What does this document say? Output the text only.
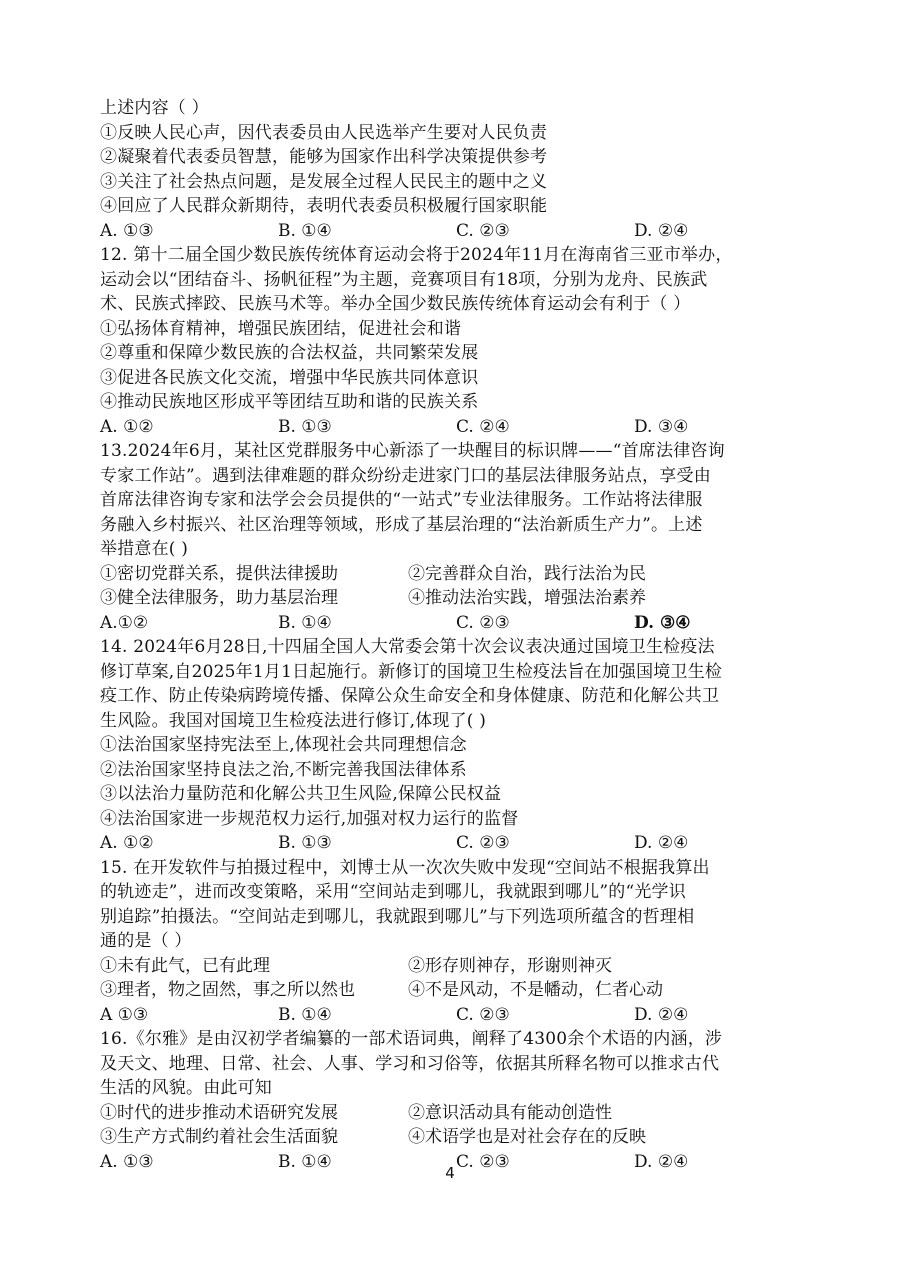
上述内容（ ）
①反映人民心声，因代表委员由人民选举产生要对人民负责
②凝聚着代表委员智慧，能够为国家作出科学决策提供参考
③关注了社会热点问题，是发展全过程人民民主的题中之义
④回应了人民群众新期待，表明代表委员积极履行国家职能
A. ①③	B. ①④	C. ②③	D. ②④
12. 第十二届全国少数民族传统体育运动会将于2024年11月在海南省三亚市举办，
运动会以“团结奋斗、扬帆征程”为主题，竞赛项目有18项，分别为龙舟、民族武
术、民族式摔跤、民族马术等。举办全国少数民族传统体育运动会有利于（ ）
①弘扬体育精神，增强民族团结，促进社会和谐
②尊重和保障少数民族的合法权益，共同繁荣发展
③促进各民族文化交流，增强中华民族共同体意识
④推动民族地区形成平等团结互助和谐的民族关系
A. ①②	B. ①③	C. ②④	D. ③④
13.2024年6月，某社区党群服务中心新添了一块醒目的标识牌——“首席法律咨询
专家工作站”。遇到法律难题的群众纷纷走进家门口的基层法律服务站点，享受由
首席法律咨询专家和法学会会员提供的“一站式”专业法律服务。工作站将法律服
务融入乡村振兴、社区治理等领域，形成了基层治理的“法治新质生产力”。上述
举措意在( )
①密切党群关系，提供法律援助	②完善群众自治，践行法治为民
③健全法律服务，助力基层治理	④推动法治实践，增强法治素养
A.①②	B. ①④	C. ②③	D. ③④
14. 2024年6月28日,十四届全国人大常委会第十次会议表决通过国境卫生检疫法
修订草案,自2025年1月1日起施行。新修订的国境卫生检疫法旨在加强国境卫生检
疫工作、防止传染病跨境传播、保障公众生命安全和身体健康、防范和化解公共卫
生风险。我国对国境卫生检疫法进行修订,体现了( )
①法治国家坚持宪法至上,体现社会共同理想信念
②法治国家坚持良法之治,不断完善我国法律体系
③以法治力量防范和化解公共卫生风险,保障公民权益
④法治国家进一步规范权力运行,加强对权力运行的监督
A. ①②	B. ①③	C. ②③	D. ②④
15. 在开发软件与拍摄过程中，刘博士从一次次失败中发现“空间站不根据我算出
的轨迹走”，进而改变策略，采用“空间站走到哪儿，我就跟到哪儿”的“光学识
别追踪”拍摄法。“空间站走到哪儿，我就跟到哪儿”与下列选项所蕴含的哲理相
通的是（ ）
①未有此气，已有此理	②形存则神存，形谢则神灭
③理者，物之固然，事之所以然也	④不是风动，不是幡动，仁者心动
A ①③	B. ①④	C. ②③	D. ②④
16.《尔雅》是由汉初学者编纂的一部术语词典，阐释了4300余个术语的内涵，涉
及天文、地理、日常、社会、人事、学习和习俗等，依据其所释名物可以推求古代
生活的风貌。由此可知
①时代的进步推动术语研究发展	②意识活动具有能动创造性
③生产方式制约着社会生活面貌	④术语学也是对社会存在的反映
A. ①③	B. ①④	C. ②③	D. ②④
4
